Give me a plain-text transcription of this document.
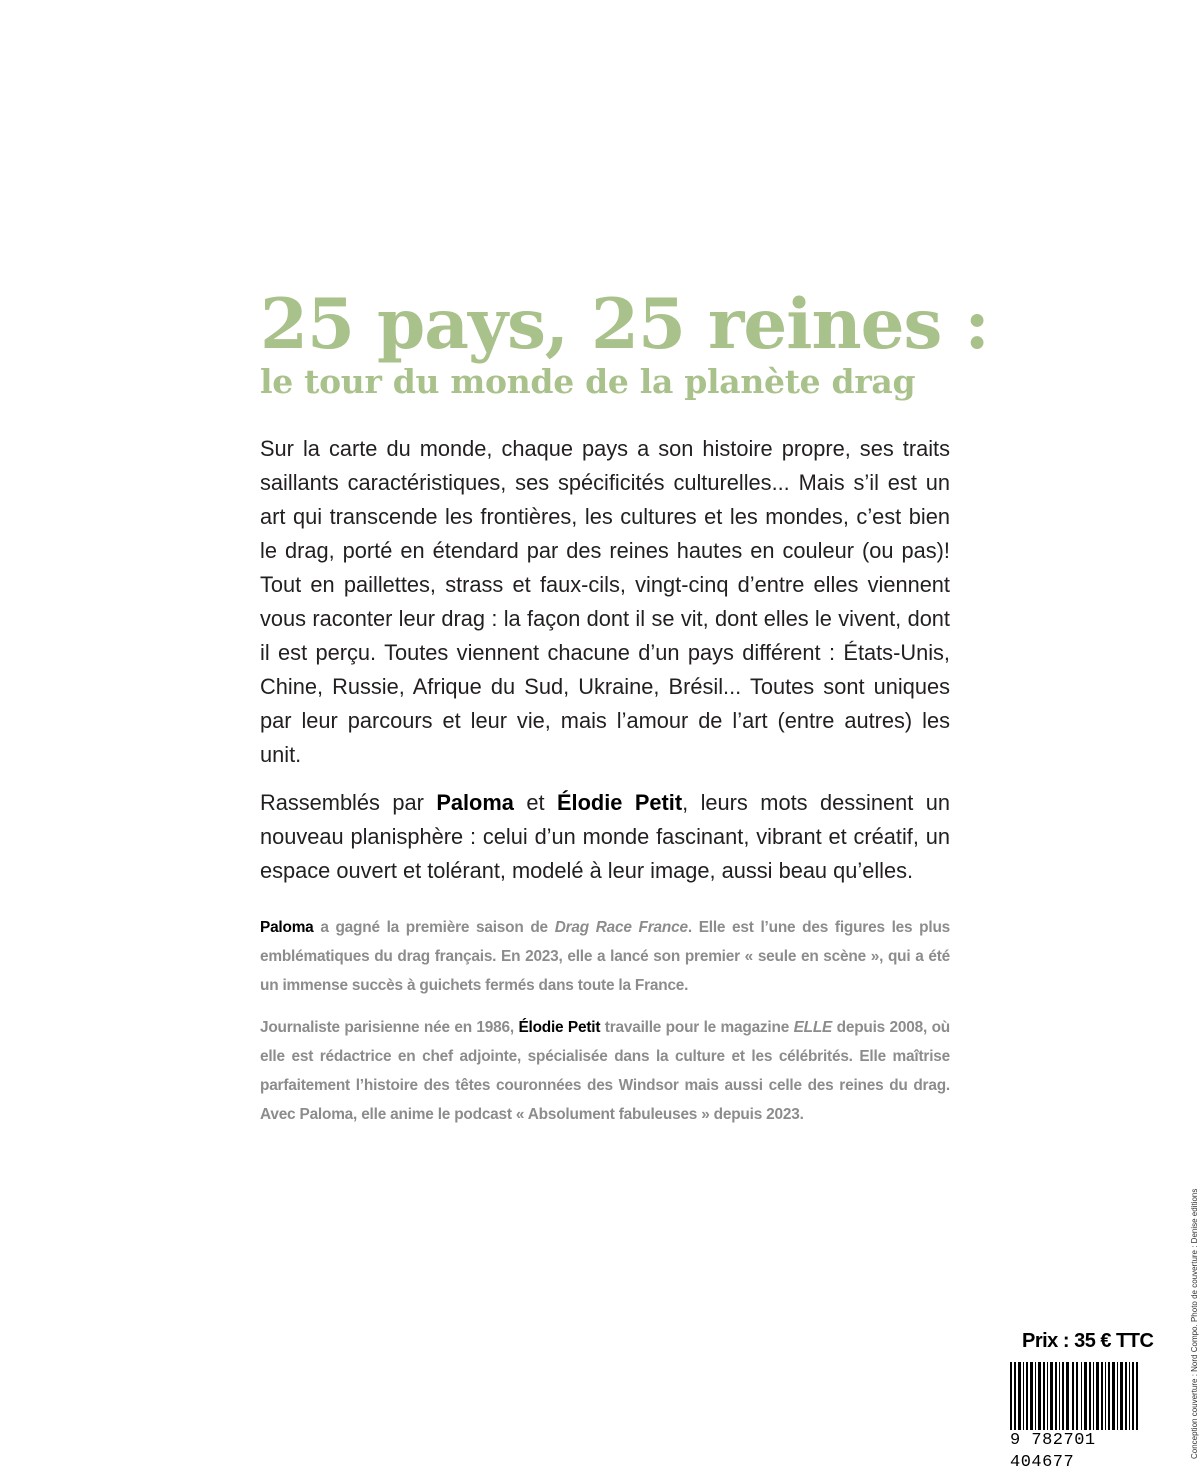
25 pays, 25 reines :
le tour du monde de la planète drag

Sur la carte du monde, chaque pays a son histoire propre, ses traits saillants caractéristiques, ses spécificités culturelles... Mais s’il est un art qui transcende les frontières, les cultures et les mondes, c’est bien le drag, porté en étendard par des reines hautes en couleur (ou pas)! Tout en paillettes, strass et faux-cils, vingt-cinq d’entre elles viennent vous raconter leur drag : la façon dont il se vit, dont elles le vivent, dont il est perçu. Toutes viennent chacune d’un pays différent : États-Unis, Chine, Russie, Afrique du Sud, Ukraine, Brésil... Toutes sont uniques par leur parcours et leur vie, mais l’amour de l’art (entre autres) les unit.

Rassemblés par Paloma et Élodie Petit, leurs mots dessinent un nouveau planisphère : celui d’un monde fascinant, vibrant et créatif, un espace ouvert et tolérant, modelé à leur image, aussi beau qu’elles.

Paloma a gagné la première saison de Drag Race France. Elle est l’une des figures les plus emblématiques du drag français. En 2023, elle a lancé son premier « seule en scène », qui a été un immense succès à guichets fermés dans toute la France.
Journaliste parisienne née en 1986, Élodie Petit travaille pour le magazine ELLE depuis 2008, où elle est rédactrice en chef adjointe, spécialisée dans la culture et les célébrités. Elle maîtrise parfaitement l’histoire des têtes couronnées des Windsor mais aussi celle des reines du drag. Avec Paloma, elle anime le podcast « Absolument fabuleuses » depuis 2023.
Prix : 35 € TTC
9 782701 404677
Conception couverture : Nord Compo. Photo de couverture : Denise editions
